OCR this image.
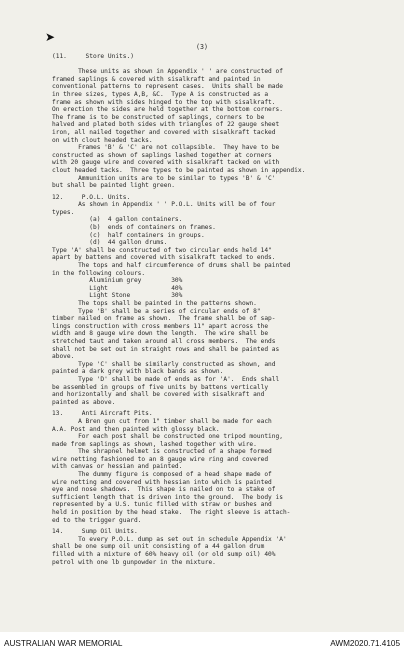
➤
(3)
(11.     Store Units.)
These units as shown in Appendix ' ' are constructed of
framed saplings & covered with sisalkraft and painted in
conventional patterns to represent cases.  Units shall be made
in three sizes, types A,B, &C.  Type A is constructed as a
frame as shown with sides hinged to the top with sisalkraft.
On erection the sides are held together at the bottom corners.
The frame is to be constructed of saplings, corners to be
halved and plated both sides with triangles of 22 gauge sheet
iron, all nailed together and covered with sisalkraft tacked
on with clout headed tacks.
Frames 'B' & 'C' are not collapsible.  They have to be
constructed as shown of saplings lashed together at corners
with 20 gauge wire and covered with sisalkraft tacked on with
clout headed tacks.  Three types to be painted as shown in appendix.
Ammunition units are to be similar to types 'B' & 'C'
but shall be painted light green.
12.     P.O.L. Units.
As shown in Appendix ' ' P.O.L. Units will be of four
types.
(a)  4 gallon containers.
(b)  ends of containers on frames.
(c)  half containers in groups.
(d)  44 gallon drums.
Type 'A' shall be constructed of two circular ends held 14"
apart by battens and covered with sisalkraft tacked to ends.
The tops and half circumference of drums shall be painted
in the following colours.
Aluminium grey        30%
Light                 40%
Light Stone           30%
The tops shall be painted in the patterns shown.
Type 'B' shall be a series of circular ends of 8"
timber nailed on frame as shown.  The frame shall be of sap-
lings construction with cross members 11" apart across the
width and 8 gauge wire down the length.  The wire shall be
stretched taut and taken around all cross members.  The ends
shall not be set out in straight rows and shall be painted as
above.
Type 'C' shall be similarly constructed as shown, and
painted a dark grey with black bands as shown.
Type 'D' shall be made of ends as for 'A'.  Ends shall
be assembled in groups of five units by battens vertically
and horizontally and shall be covered with sisalkraft and
painted as above.
13.     Anti Aircraft Pits.
A Bren gun cut from 1" timber shall be made for each
A.A. Post and then painted with glossy black.
For each post shall be constructed one tripod mounting,
made from saplings as shown, lashed together with wire.
The shrapnel helmet is constructed of a shape formed
wire netting fashioned to an 8 gauge wire ring and covered
with canvas or hessian and painted.
The dummy figure is composed of a head shape made of
wire netting and covered with hessian into which is painted
eye and nose shadows.  This shape is nailed on to a stake of
sufficient length that is driven into the ground.  The body is
represented by a U.S. tunic filled with straw or bushes and
held in position by the head stake.  The right sleeve is attach-
ed to the trigger guard.
14.     Sump Oil Units.
To every P.O.L. dump as set out in schedule Appendix 'A'
shall be one sump oil unit consisting of a 44 gallon drum
filled with a mixture of 60% heavy oil (or old sump oil) 40%
petrol with one lb gunpowder in the mixture.
AUSTRALIAN WAR MEMORIAL	AWM2020.71.4105
